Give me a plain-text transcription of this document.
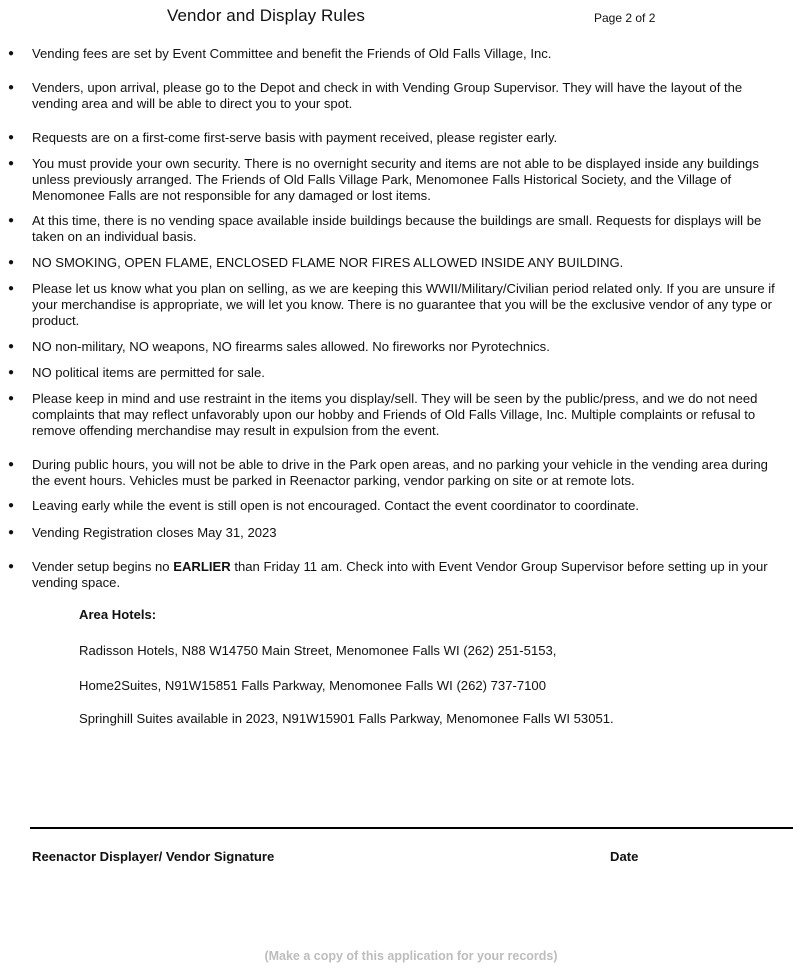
Vendor and Display Rules	Page 2 of 2
● Vending fees are set by Event Committee and benefit the Friends of Old Falls Village, Inc.
● Venders, upon arrival, please go to the Depot and check in with Vending Group Supervisor. They will have the layout of the vending area and will be able to direct you to your spot.
● Requests are on a first-come first-serve basis with payment received, please register early.
● You must provide your own security. There is no overnight security and items are not able to be displayed inside any buildings unless previously arranged. The Friends of Old Falls Village Park, Menomonee Falls Historical Society, and the Village of Menomonee Falls are not responsible for any damaged or lost items.
● At this time, there is no vending space available inside buildings because the buildings are small. Requests for displays will be taken on an individual basis.
● NO SMOKING, OPEN FLAME, ENCLOSED FLAME NOR FIRES ALLOWED INSIDE ANY BUILDING.
● Please let us know what you plan on selling, as we are keeping this WWII/Military/Civilian period related only. If you are unsure if your merchandise is appropriate, we will let you know. There is no guarantee that you will be the exclusive vendor of any type or product.
● NO non-military, NO weapons, NO firearms sales allowed. No fireworks nor Pyrotechnics.
● NO political items are permitted for sale.
● Please keep in mind and use restraint in the items you display/sell. They will be seen by the public/press, and we do not need complaints that may reflect unfavorably upon our hobby and Friends of Old Falls Village, Inc. Multiple complaints or refusal to remove offending merchandise may result in expulsion from the event.
● During public hours, you will not be able to drive in the Park open areas, and no parking your vehicle in the vending area during the event hours. Vehicles must be parked in Reenactor parking, vendor parking on site or at remote lots.
● Leaving early while the event is still open is not encouraged. Contact the event coordinator to coordinate.
● Vending Registration closes May 31, 2023
● Vender setup begins no EARLIER than Friday 11 am. Check into with Event Vendor Group Supervisor before setting up in your vending space.
Area Hotels:
Radisson Hotels, N88 W14750 Main Street, Menomonee Falls WI (262) 251-5153,
Home2Suites, N91W15851 Falls Parkway, Menomonee Falls WI (262) 737-7100
Springhill Suites available in 2023, N91W15901 Falls Parkway, Menomonee Falls WI 53051.
Reenactor Displayer/ Vendor Signature	Date
(Make a copy of this application for your records)
